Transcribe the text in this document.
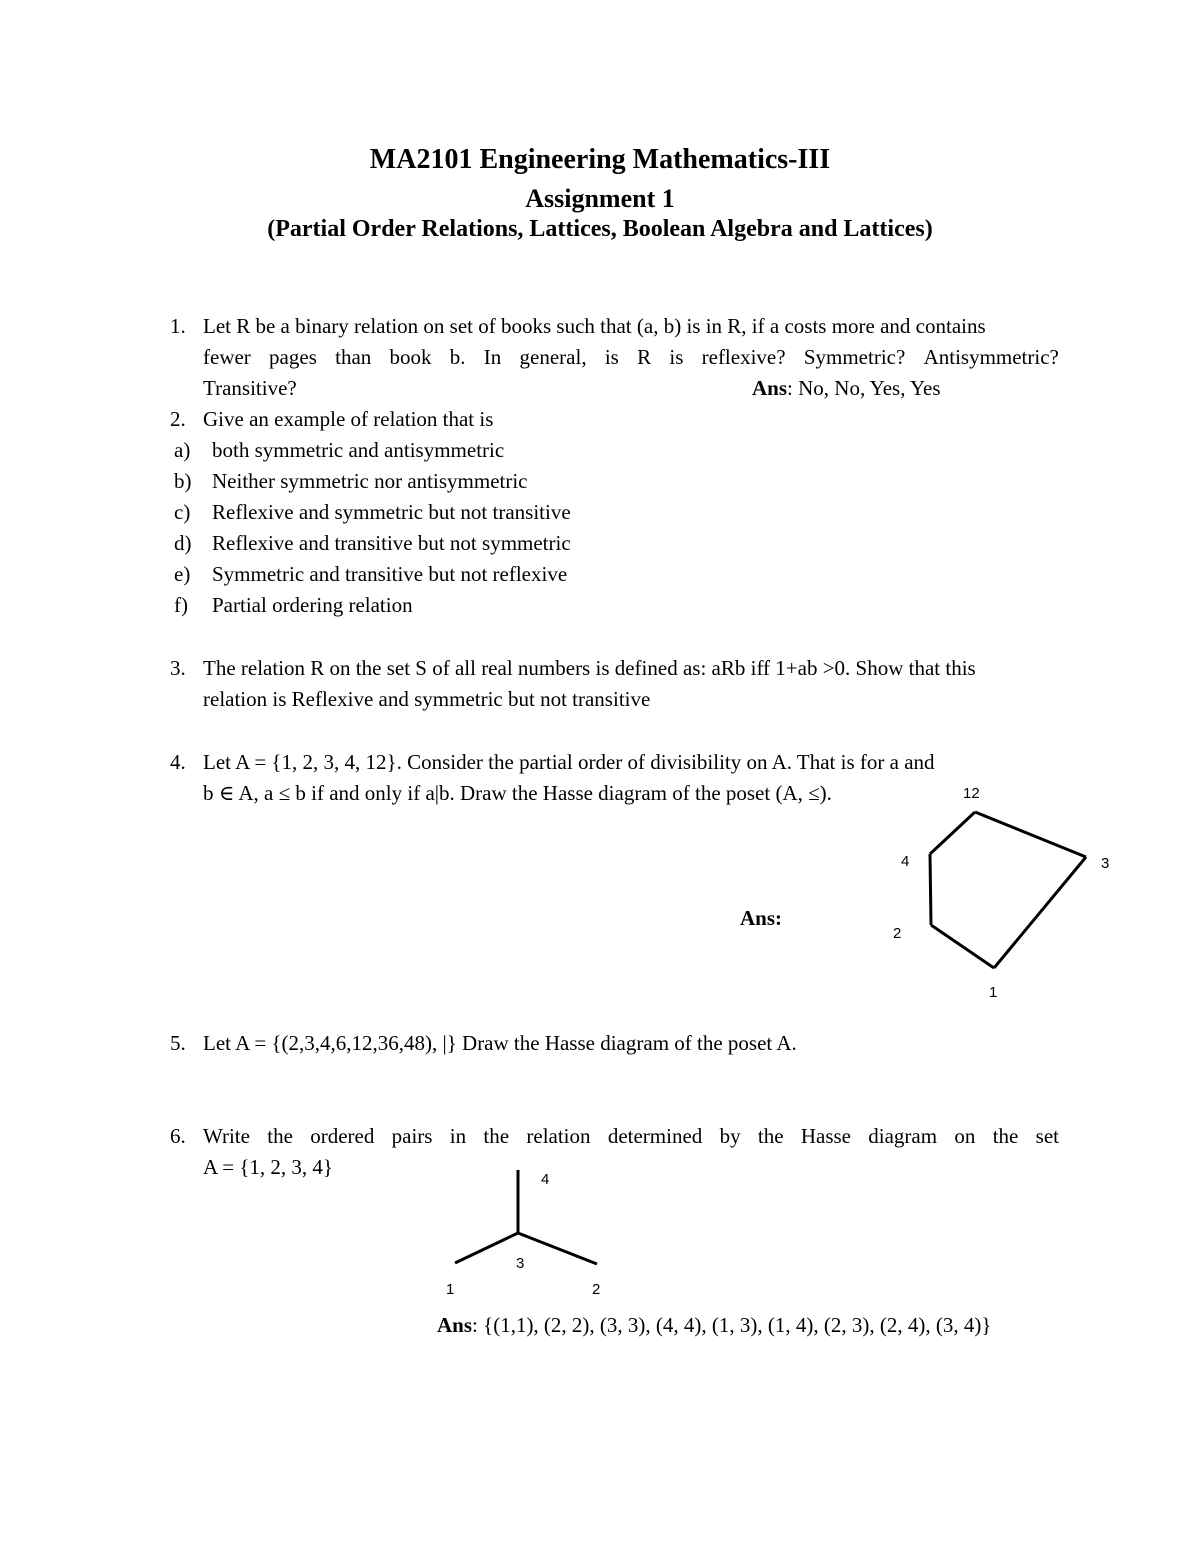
MA2101 Engineering Mathematics-III
Assignment 1
(Partial Order Relations, Lattices, Boolean Algebra and Lattices)
1. Let R be a binary relation on set of books such that (a, b) is in R, if a costs more and contains
fewer pages than book b. In general, is R is reflexive? Symmetric? Antisymmetric?
Transitive?	Ans: No, No, Yes, Yes
2. Give an example of relation that is
a) both symmetric and antisymmetric
b) Neither symmetric nor antisymmetric
c) Reflexive and symmetric but not transitive
d) Reflexive and transitive but not symmetric
e) Symmetric and transitive but not reflexive
f) Partial ordering relation
3. The relation R on the set S of all real numbers is defined as: aRb iff 1+ab >0. Show that this
relation is Reflexive and symmetric but not transitive
4. Let A = {1, 2, 3, 4, 12}. Consider the partial order of divisibility on A. That is for a and
b ∈ A, a ≤ b if and only if a|b. Draw the Hasse diagram of the poset (A, ≤).
Ans:
12
4	3
2
1
5. Let A = {(2,3,4,6,12,36,48), |} Draw the Hasse diagram of the poset A.
6. Write the ordered pairs in the relation determined by the Hasse diagram on the set
A = {1, 2, 3, 4}
4
3
1	2
Ans: {(1,1), (2, 2), (3, 3), (4, 4), (1, 3), (1, 4), (2, 3), (2, 4), (3, 4)}
